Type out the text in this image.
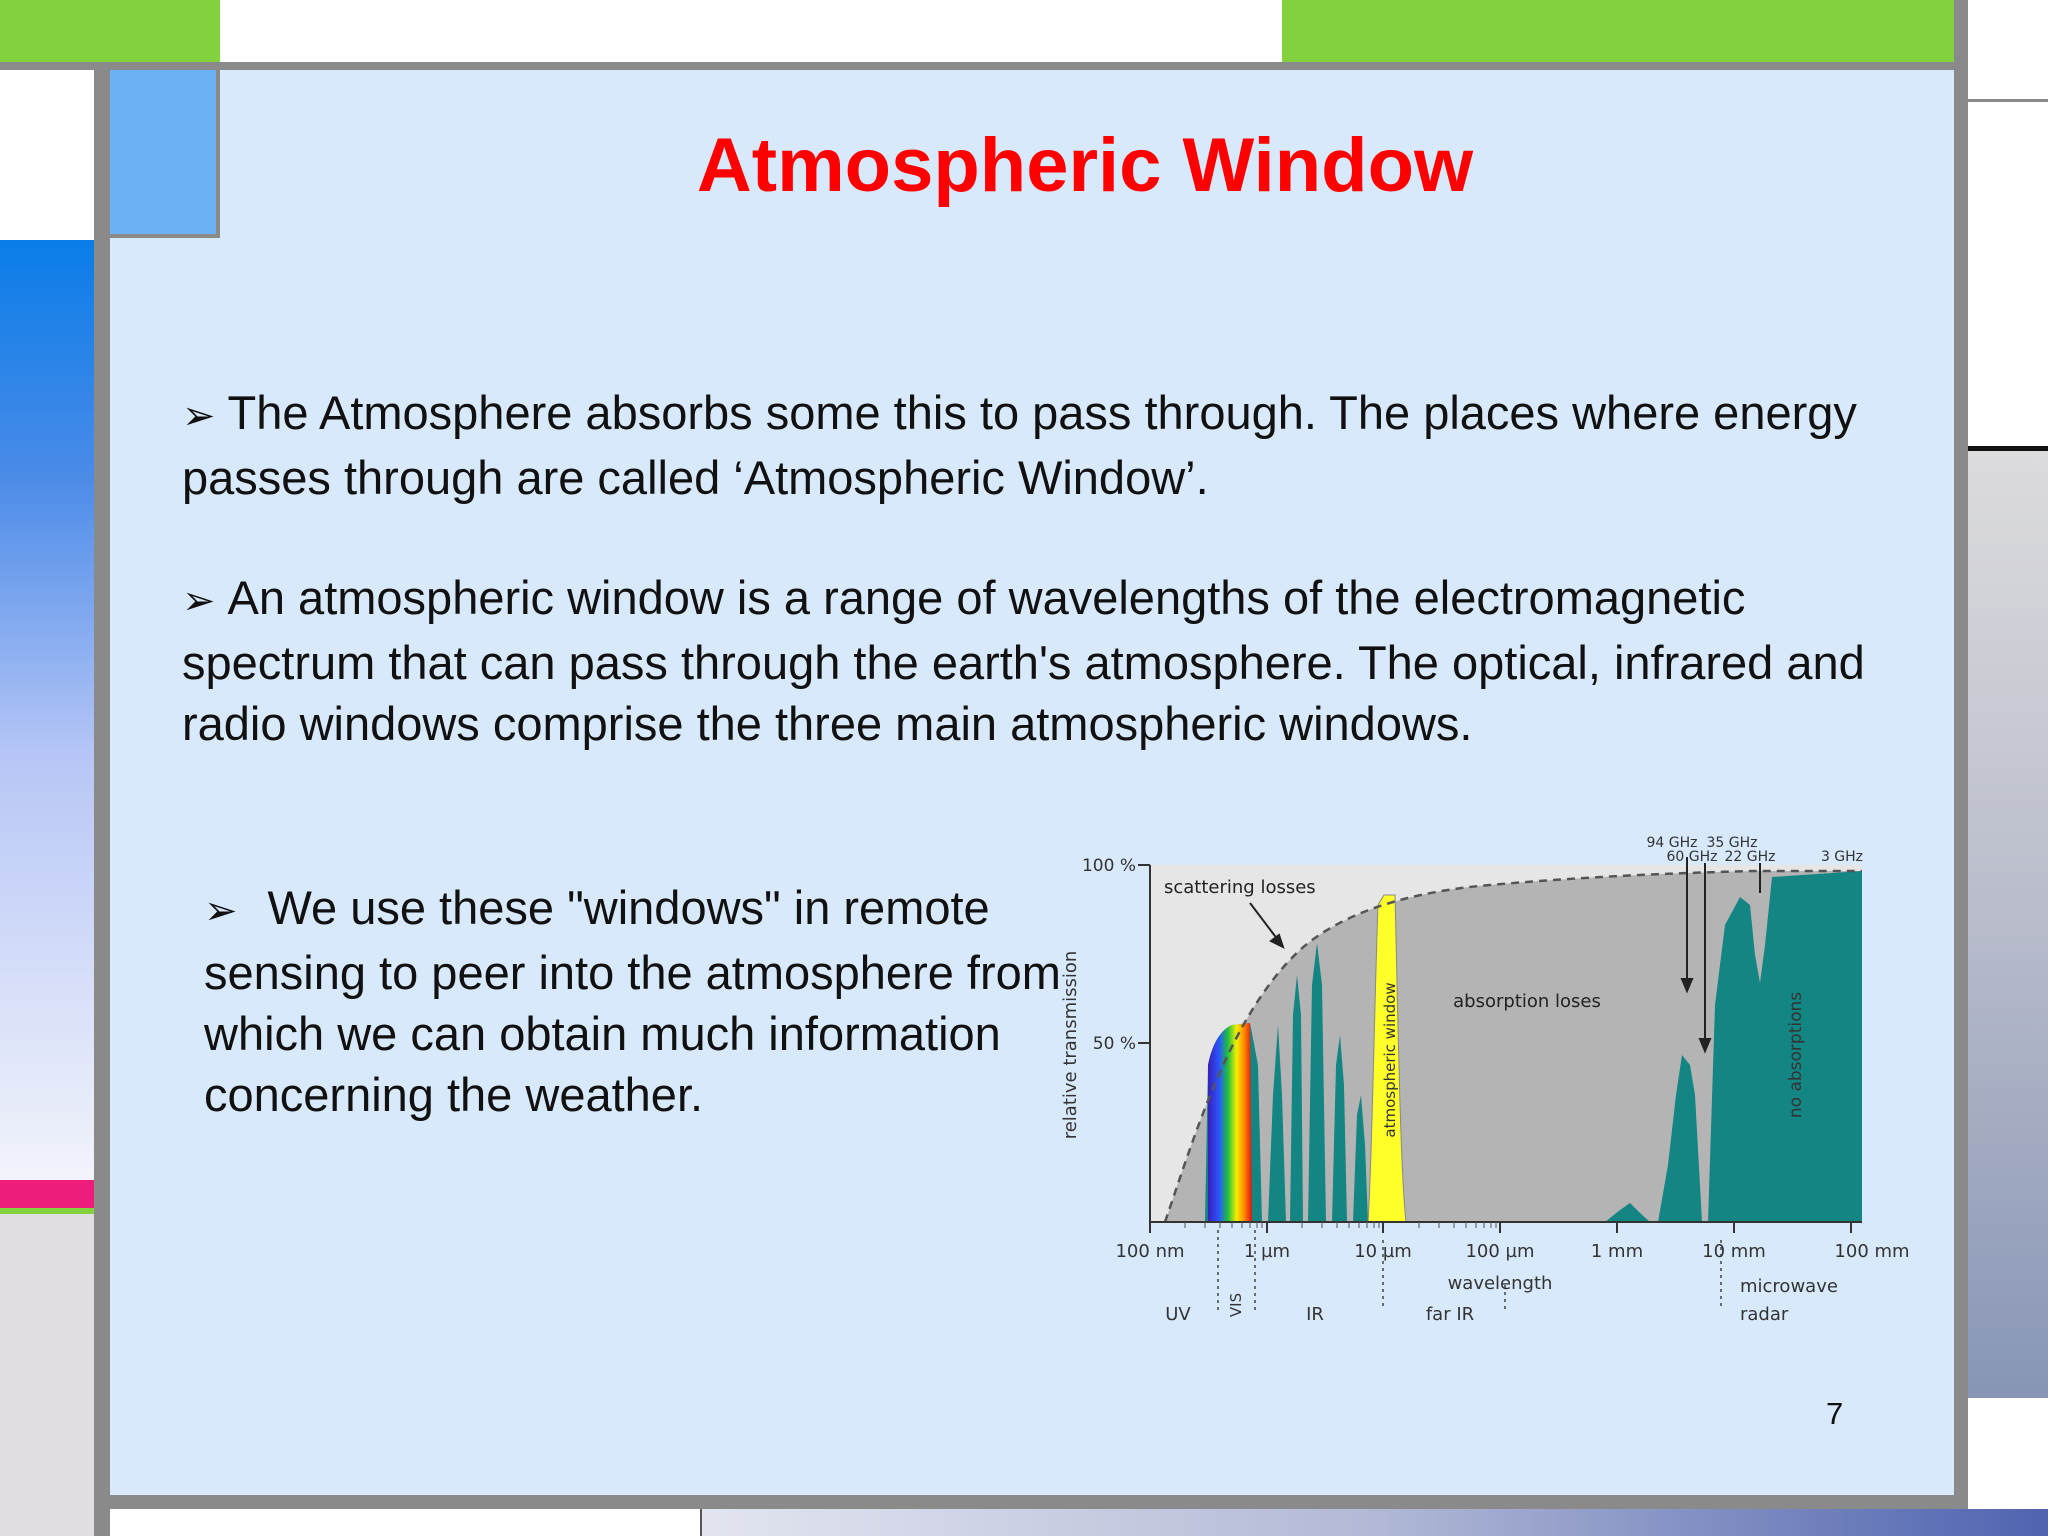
Atmospheric Window
➢ The Atmosphere absorbs some this to pass through. The places where energy passes through are called ‘Atmospheric Window’.
➢ An atmospheric window is a range of wavelengths of the electromagnetic spectrum that can pass through the earth's atmosphere. The optical, infrared and radio windows comprise the three main atmospheric windows.
➢ We use these "windows" in remote sensing to peer into the atmosphere from which we can obtain much information concerning the weather.
100 %
50 %
relative transmission
100 nm	1 µm	10 µm	100 µm	1 mm	10 mm	100 mm
wavelength
94 GHz 35 GHz
60 GHz 22 GHz	3 GHz
scattering losses
absorption loses
atmospheric window	no absorptions
UV VIS	IR	far IR
microwave
radar
7
